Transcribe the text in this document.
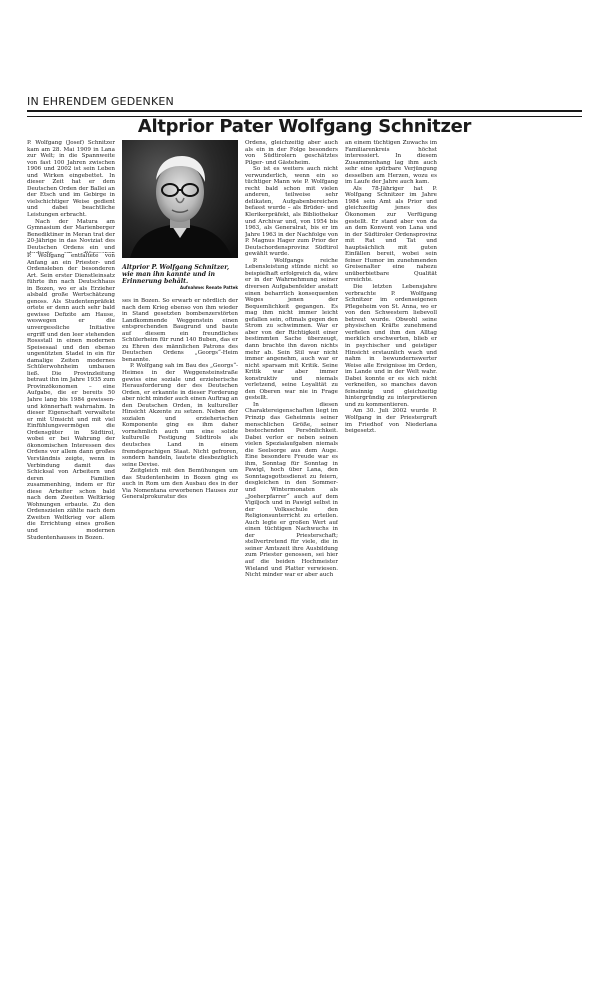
IN EHRENDEM GEDENKEN
Altprior Pater Wolfgang Schnitzer

P. Wolfgang (Josef) Schnitzer kam am 28. Mai 1909 in Lana zur Welt; in die Spannweite von fast 100 Jahren zwischen 1906 und 2002 ist sein Leben und Wirken eingebettet. In dieser Zeit hat er dem Deutschen Orden der Ballei an der Etsch und im Gebirge in vielschichtiger Weise gedient und dabei beachtliche Leistungen erbracht.

Nach der Matura am Gymnasium der Marienberger Benediktiner in Meran trat der 20-Jährige in das Noviziat des Deutschen Ordens ein und

Altprior P. Wolfgang Schnitzer, wie man ihn kannte und in Erinnerung behält.
Aufnahme: Renate Pattek

P. Wolfgang entfaltete von Anfang an ein Priester- und Ordensleben der besonderen Art. Sein erster Dienstleinsatz führte ihn nach Deutschhaus in Bozen, wo er als Erzieher alsbald große Wertschätzung genoss. Als Studentenpräfekt ortete er denn auch sehr bald gewisse Defizite am Hause, weswegen er die unvergessliche Initiative ergriff und den leer stehenden Rossstall in einen modernen Speisesaal und den ebenso ungenützten Stadel in ein für damalige Zeiten modernes Schülerwohnheim umbauen ließ. Die Provinzleitung betraut ihn im Jahre 1935 zum Provinzökonomen – eine Aufgabe, die er bereits 50 Jahre lang bis 1984 gewissen- und könnerhaft wahrnahm. In dieser Eigenschaft verwaltete er mit Umsicht und mit viel Einfühlungsvermögen die Ordensgüter in Südtirol, wobei er bei Wahrung der ökonomischen Interessen des Ordens vor allem dann großes Verständnis zeigte, wenn in Verbindung damit das Schicksal von Arbeitern und deren Familien zusammenhing, indem er für diese Arbeiter schon bald nach dem Zweiten Weltkrieg Wohnungen erbaute. Zu den Ordenszielen zählte nach dem Zweiten Weltkrieg vor allem die Errichtung eines großen und modernen Studentenhauses in Bozen.

ses in Bozen. So erwarb er nördlich der nach dem Krieg ebenso von ihm wieder in Stand gesetzten bombenzerstörten Landkommende Weggenstein einen entsprechenden Baugrund und baute auf diesem ein freundliches Schülerheim für rund 140 Buben, das er zu Ehren des männlichen Patrons des Deutschen Ordens „Georgs“-Heim benannte.

P. Wolfgang sah im Bau des „Georgs“-Heimes in der Weggensteinstraße gewiss eine soziale und erzieherische Herausforderung der des Deutschen Orden, er erkannte in dieser Forderung aber nicht minder auch einen Auftrag an den Deutschen Orden, in kultureller Hinsicht Akzente zu setzen. Neben der sozialen und erzieherischen Komponente ging es ihm daher vornehmlich auch um eine solide kulturelle Festigung Südtirols als deutsches Land in einem fremdsprachigen Staat. Nicht gefroren, sondern handeln, lautete diesbezüglich seine Devise.

Zeitgleich mit den Bemühungen um das Studentenheim in Bozen ging es auch in Rom um den Ausbau des in der Via Nomentana erworbenen Hauses zur Generalprokuratur des

Ordens, gleichzeitig aber auch als ein in der Folge besonders von Südtirolern geschätztes Pilger- und Gästeheim.

So ist es weiters auch nicht verwunderlich, wenn ein so tüchtiger Mann wie P. Wolfgang recht bald schon mit vielen anderen, teilweise sehr delikaten, Aufgabenbereichen befasst wurde – als Brüder- und Klerikerpräfekt, als Bibliothekar und Archivar und, von 1954 bis 1963, als Generalrat, bis er im Jahre 1963 in der Nachfolge von P. Magnus Hager zum Prior der Deutschordensprovinz Südtirol gewählt wurde.

P. Wolfgangs reiche Lebensleistung stünde nicht so beispielhaft erfolgreich da, wäre er in der Wahrnehmung seiner diversen Aufgabenfelder anstatt einen beharrlich konsequenten Weges jenen der Bequemlichkeit gegangen. Es mag ihm nicht immer leicht gefallen sein, oftmals gegen den Strom zu schwimmen. War er aber von der Richtigkeit einer bestimmten Sache überzeugt, dann brachte ihn davon nichts mehr ab. Sein Stil war nicht immer angenehm, auch war er nicht sparsam mit Kritik. Seine Kritik war aber immer konstruktiv und niemals verletzend, seine Loyalität zu den Oberen war nie in Frage gestellt.

In diesen Charaktereigenschaften liegt im Prinzip das Geheimnis seiner menschlichen Größe, seiner bestechenden Persönlichkeit. Dabei verlor er neben seinen vielen Spezialaufgaben niemals die Seelsorge aus dem Auge. Eine besondere Freude war es ihm, Sonntag für Sonntag in Pawigl, hoch über Lana, den Sonntagsgottesdienst zu feiern, desgleichen in den Sommer- und Wintermonaten als „Joeherpfarrer“ auch auf dem Vigiljoch und in Pawigl selbst in der Volksschule den Religionsunterricht zu erteilen. Auch legte er großen Wert auf einen tüchtigen Nachwuchs in der Priesterschaft; stellvertretend für viele, die in seiner Amtszeit ihre Ausbildung zum Priester genossen, sei hier auf die beiden Hochmeister Wieland und Platter verwiesen. Nicht minder war er aber auch

an einem tüchtigen Zuwachs im Familiarenkreis höchst interessiert. In diesem Zusammenhang lag ihm auch sehr eine spürbare Verjüngung desselben am Herzen, wozu es im Laufe der Jahre auch kam.

Als 78-Jähriger hat P. Wolfgang Schnitzer im Jahre 1984 sein Amt als Prior und gleichzeitig jenes des Ökonomen zur Verfügung gestellt. Er stand aber von da an dem Konvent von Lana und in der Südtiroler Ordensprovinz mit Rat und Tat und hauptsächlich mit guten Einfällen bereit, wobei sein feiner Humor im zunehmenden Greisenalter eine nahezu unüberbietbare Qualität erreichte.

Die letzten Lebensjahre verbrachte P. Wolfgang Schnitzer im ordenseigenen Pflegeheim von St. Anna, wo er von den Schwestern liebevoll betreut wurde. Obwohl seine physischen Kräfte zunehmend verfielen und ihm den Alltag merklich erschwerten, blieb er in psychischer und geistiger Hinsicht erstaunlich wach und nahm in bewundernswerter Weise alle Ereignisse im Orden, im Lande und in der Welt wahr. Dabei konnte er es sich nicht verkneifen, so manches davon feinsinnig und gleichzeitig hintergründig zu interpretieren und zu kommentieren.

Am 30. Juli 2002 wurde P. Wolfgang in der Priestergruft im Friedhof von Niederlana beigesetzt.
